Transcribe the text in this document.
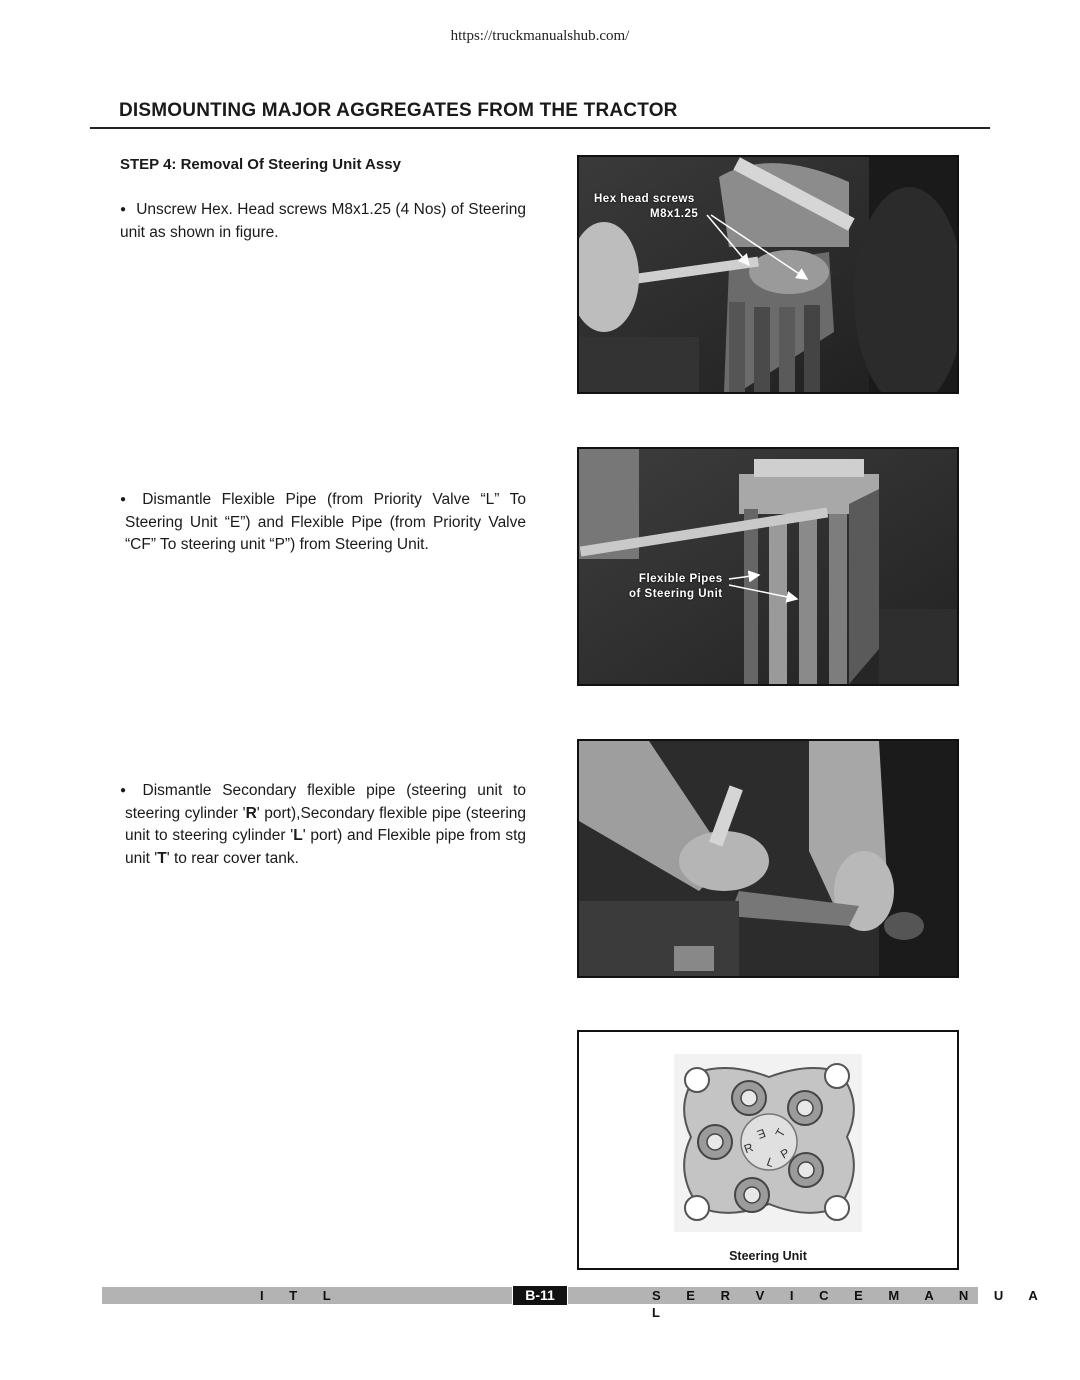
https://truckmanualshub.com/
DISMOUNTING MAJOR AGGREGATES FROM THE TRACTOR
STEP 4: Removal Of Steering Unit Assy
● Unscrew Hex. Head screws M8x1.25 (4 Nos) of Steering unit as shown in figure.
● Dismantle Flexible Pipe (from Priority Valve “L” To Steering Unit “E”) and Flexible Pipe (from Priority Valve “CF” To steering unit “P”) from Steering Unit.
● Dismantle Secondary flexible pipe (steering unit to steering cylinder 'R' port),Secondary flexible pipe (steering unit to steering cylinder 'L' port) and Flexible pipe from stg unit 'T' to rear cover tank.
Hex head screws
M8x1.25
Flexible Pipes
of Steering Unit
E T
R
L
P
Steering Unit
I T L	B-11	S E R V I C E M A N U A L
